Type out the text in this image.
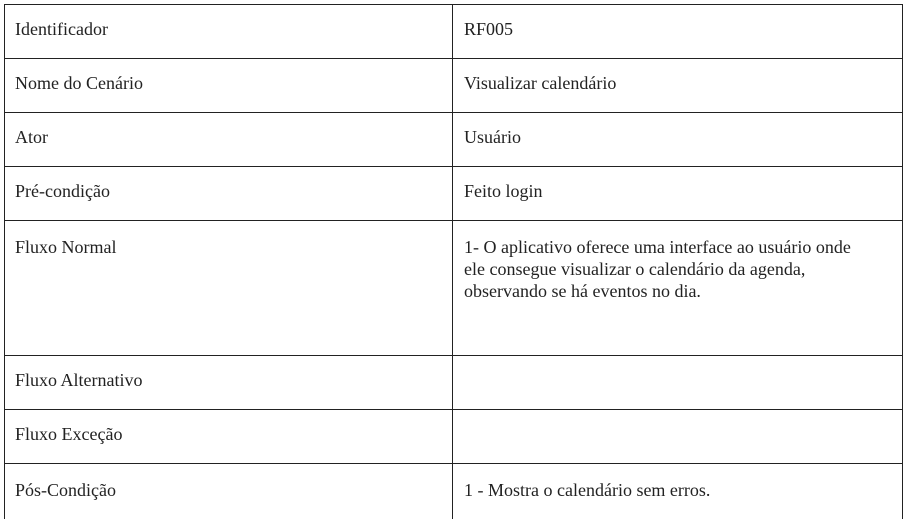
Identificador	RF005
Nome do Cenário	Visualizar calendário
Ator	Usuário
Pré-condição	Feito login
Fluxo Normal	1- O aplicativo oferece uma interface ao usuário onde ele consegue visualizar o calendário da agenda, observando se há eventos no dia.
Fluxo Alternativo	
Fluxo Exceção	
Pós-Condição	1 - Mostra o calendário sem erros.
